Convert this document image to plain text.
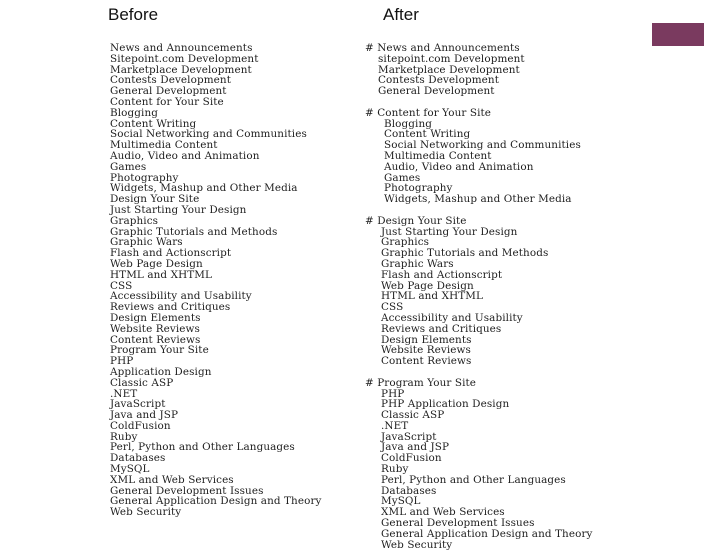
Before	After
News and Announcements
Sitepoint.com Development
Marketplace Development
Contests Development
General Development
Content for Your Site
Blogging
Content Writing
Social Networking and Communities
Multimedia Content
Audio, Video and Animation
Games
Photography
Widgets, Mashup and Other Media
Design Your Site
Just Starting Your Design
Graphics
Graphic Tutorials and Methods
Graphic Wars
Flash and Actionscript
Web Page Design
HTML and XHTML
CSS
Accessibility and Usability
Reviews and Critiques
Design Elements
Website Reviews
Content Reviews
Program Your Site
PHP
Application Design
Classic ASP
.NET
JavaScript
Java and JSP
ColdFusion
Ruby
Perl, Python and Other Languages
Databases
MySQL
XML and Web Services
General Development Issues
General Application Design and Theory
Web Security
# News and Announcements
sitepoint.com Development
Marketplace Development
Contests Development
General Development
# Content for Your Site
Blogging
Content Writing
Social Networking and Communities
Multimedia Content
Audio, Video and Animation
Games
Photography
Widgets, Mashup and Other Media
# Design Your Site
Just Starting Your Design
Graphics
Graphic Tutorials and Methods
Graphic Wars
Flash and Actionscript
Web Page Design
HTML and XHTML
CSS
Accessibility and Usability
Reviews and Critiques
Design Elements
Website Reviews
Content Reviews
# Program Your Site
PHP
PHP Application Design
Classic ASP
.NET
JavaScript
Java and JSP
ColdFusion
Ruby
Perl, Python and Other Languages
Databases
MySQL
XML and Web Services
General Development Issues
General Application Design and Theory
Web Security
